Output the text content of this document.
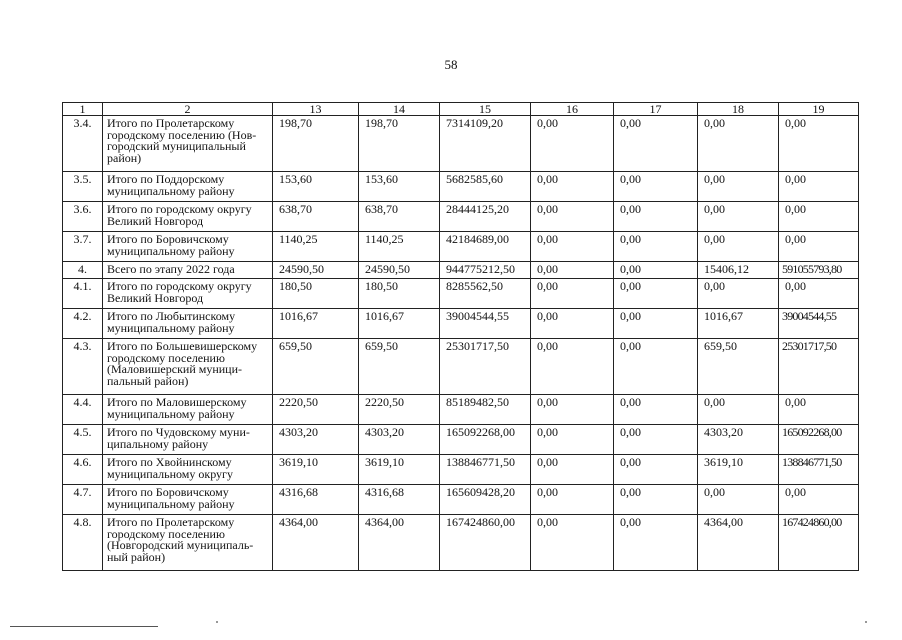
58
1	2	13	14	15	16	17	18	19
3.4.	Итого по Пролетарскому городскому поселению (Нов-городский муниципальный район)	198,70	198,70	7314109,20	0,00	0,00	0,00	0,00
3.5.	Итого по Поддорскому муниципальному району	153,60	153,60	5682585,60	0,00	0,00	0,00	0,00
3.6.	Итого по городскому округу Великий Новгород	638,70	638,70	28444125,20	0,00	0,00	0,00	0,00
3.7.	Итого по Боровичскому муниципальному району	1140,25	1140,25	42184689,00	0,00	0,00	0,00	0,00
4.	Всего по этапу 2022 года	24590,50	24590,50	944775212,50	0,00	0,00	15406,12	591055793,80
4.1.	Итого по городскому округу Великий Новгород	180,50	180,50	8285562,50	0,00	0,00	0,00	0,00
4.2.	Итого по Любытинскому муниципальному району	1016,67	1016,67	39004544,55	0,00	0,00	1016,67	39004544,55
4.3.	Итого по Большевишерскому городскому поселению (Маловишерский муници-пальный район)	659,50	659,50	25301717,50	0,00	0,00	659,50	25301717,50
4.4.	Итого по Маловишерскому муниципальному району	2220,50	2220,50	85189482,50	0,00	0,00	0,00	0,00
4.5.	Итого по Чудовскому муни-ципальному району	4303,20	4303,20	165092268,00	0,00	0,00	4303,20	165092268,00
4.6.	Итого по Хвойнинскому муниципальному округу	3619,10	3619,10	138846771,50	0,00	0,00	3619,10	138846771,50
4.7.	Итого по Боровичскому муниципальному району	4316,68	4316,68	165609428,20	0,00	0,00	0,00	0,00
4.8.	Итого по Пролетарскому городскому поселению (Новгородский муниципаль-ный район)	4364,00	4364,00	167424860,00	0,00	0,00	4364,00	167424860,00
